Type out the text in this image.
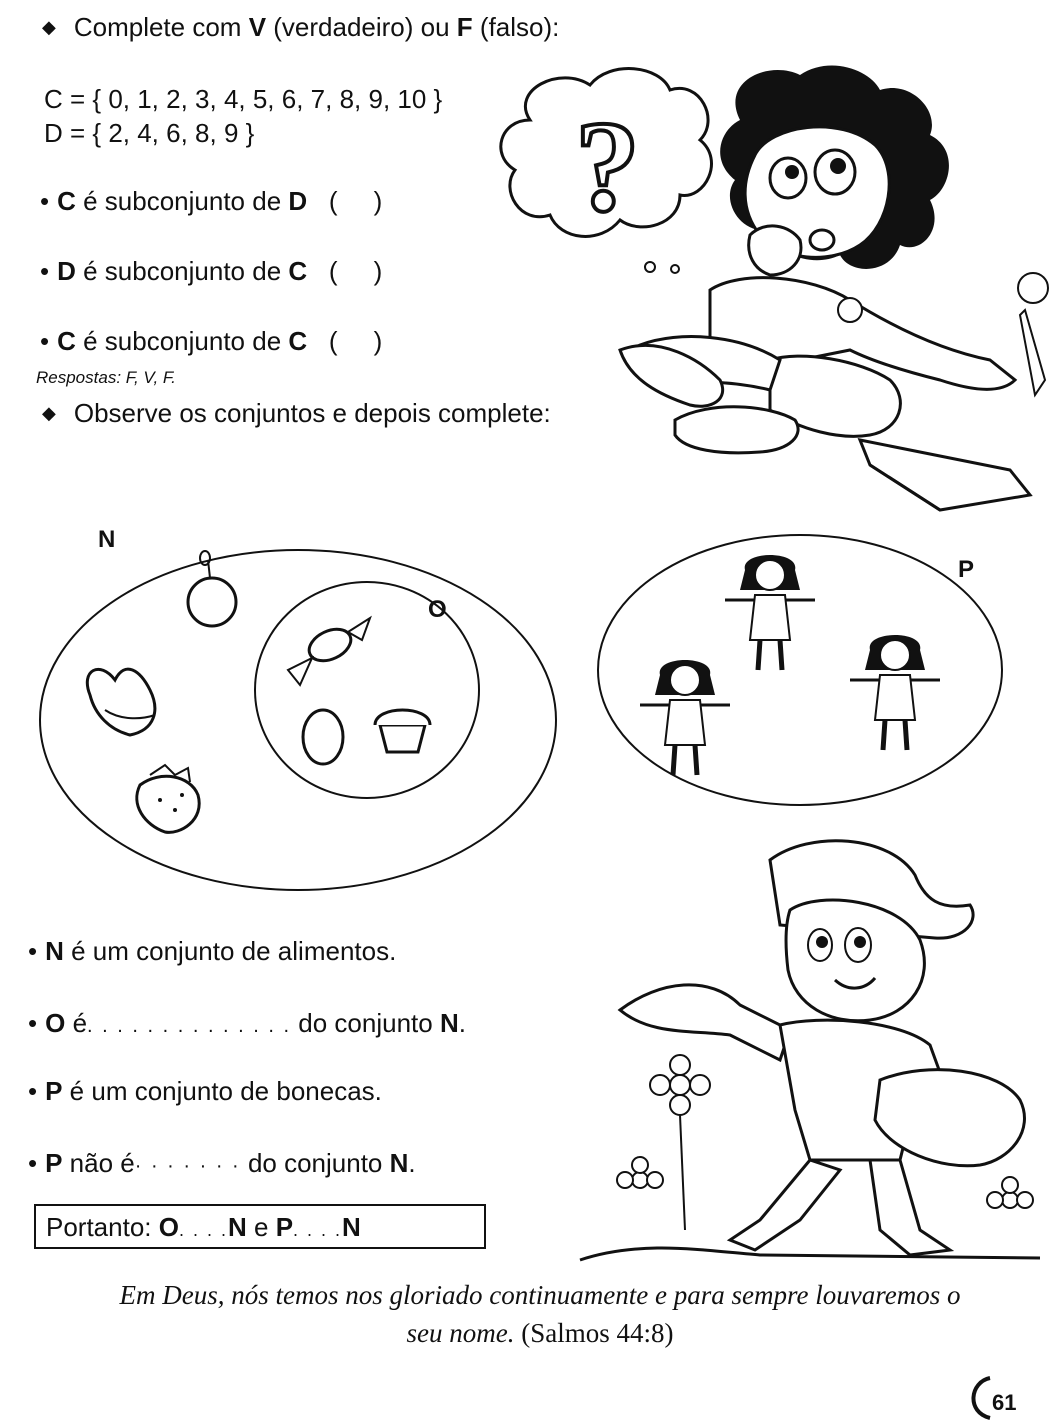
◆ Complete com V (verdadeiro) ou F (falso):
C = { 0, 1, 2, 3, 4, 5, 6, 7, 8, 9, 10 }
D = { 2, 4, 6, 8, 9 }
• C é subconjunto de D (     )
• D é subconjunto de C (     )
• C é subconjunto de C (     )
Respostas: F, V, F.
◆ Observe os conjuntos e depois complete:
?
N
O
P
• N é um conjunto de alimentos.
• O é. . . . . . . . . . . . . . do conjunto N.
• P é um conjunto de bonecas.
• P não é· · · · · · · do conjunto N.
Portanto: O. . . .N e P. . . .N
Em Deus, nós temos nos gloriado continuamente e para sempre louvaremos o seu nome. (Salmos 44:8)
61
